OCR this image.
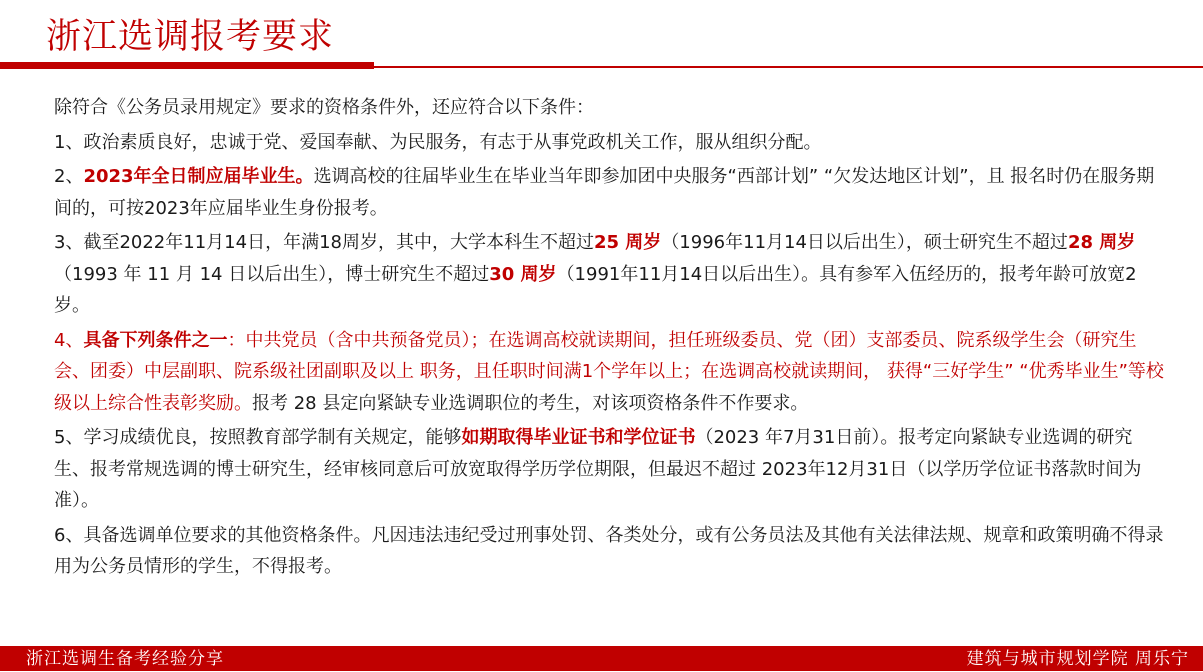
浙江选调报考要求

除符合《公务员录用规定》要求的资格条件外，还应符合以下条件：

1、政治素质良好，忠诚于党、爱国奉献、为民服务，有志于从事党政机关工作，服从组织分配。

2、2023年全日制应届毕业生。选调高校的往届毕业生在毕业当年即参加团中央服务“西部计划” “欠发达地区计划”，且 报名时仍在服务期间的，可按2023年应届毕业生身份报考。

3、截至2022年11月14日，年满18周岁，其中，大学本科生不超过25 周岁（1996年11月14日以后出生），硕士研究生不超过28 周岁（1993 年 11 月 14 日以后出生），博士研究生不超过30 周岁（1991年11月14日以后出生）。具有参军入伍经历的，报考年龄可放宽2岁。

4、具备下列条件之一：中共党员（含中共预备党员）；在选调高校就读期间，担任班级委员、党（团）支部委员、院系级学生会（研究生会、团委）中层副职、院系级社团副职及以上 职务，且任职时间满1个学年以上；在选调高校就读期间， 获得“三好学生” “优秀毕业生”等校级以上综合性表彰奖励。报考 28 县定向紧缺专业选调职位的考生，对该项资格条件不作要求。

5、学习成绩优良，按照教育部学制有关规定，能够如期取得毕业证书和学位证书（2023 年7月31日前）。报考定向紧缺专业选调的研究生、报考常规选调的博士研究生，经审核同意后可放宽取得学历学位期限，但最迟不超过 2023年12月31日（以学历学位证书落款时间为准）。

6、具备选调单位要求的其他资格条件。凡因违法违纪受过刑事处罚、各类处分，或有公务员法及其他有关法律法规、规章和政策明确不得录用为公务员情形的学生，不得报考。

浙江选调生备考经验分享	建筑与城市规划学院 周乐宁
